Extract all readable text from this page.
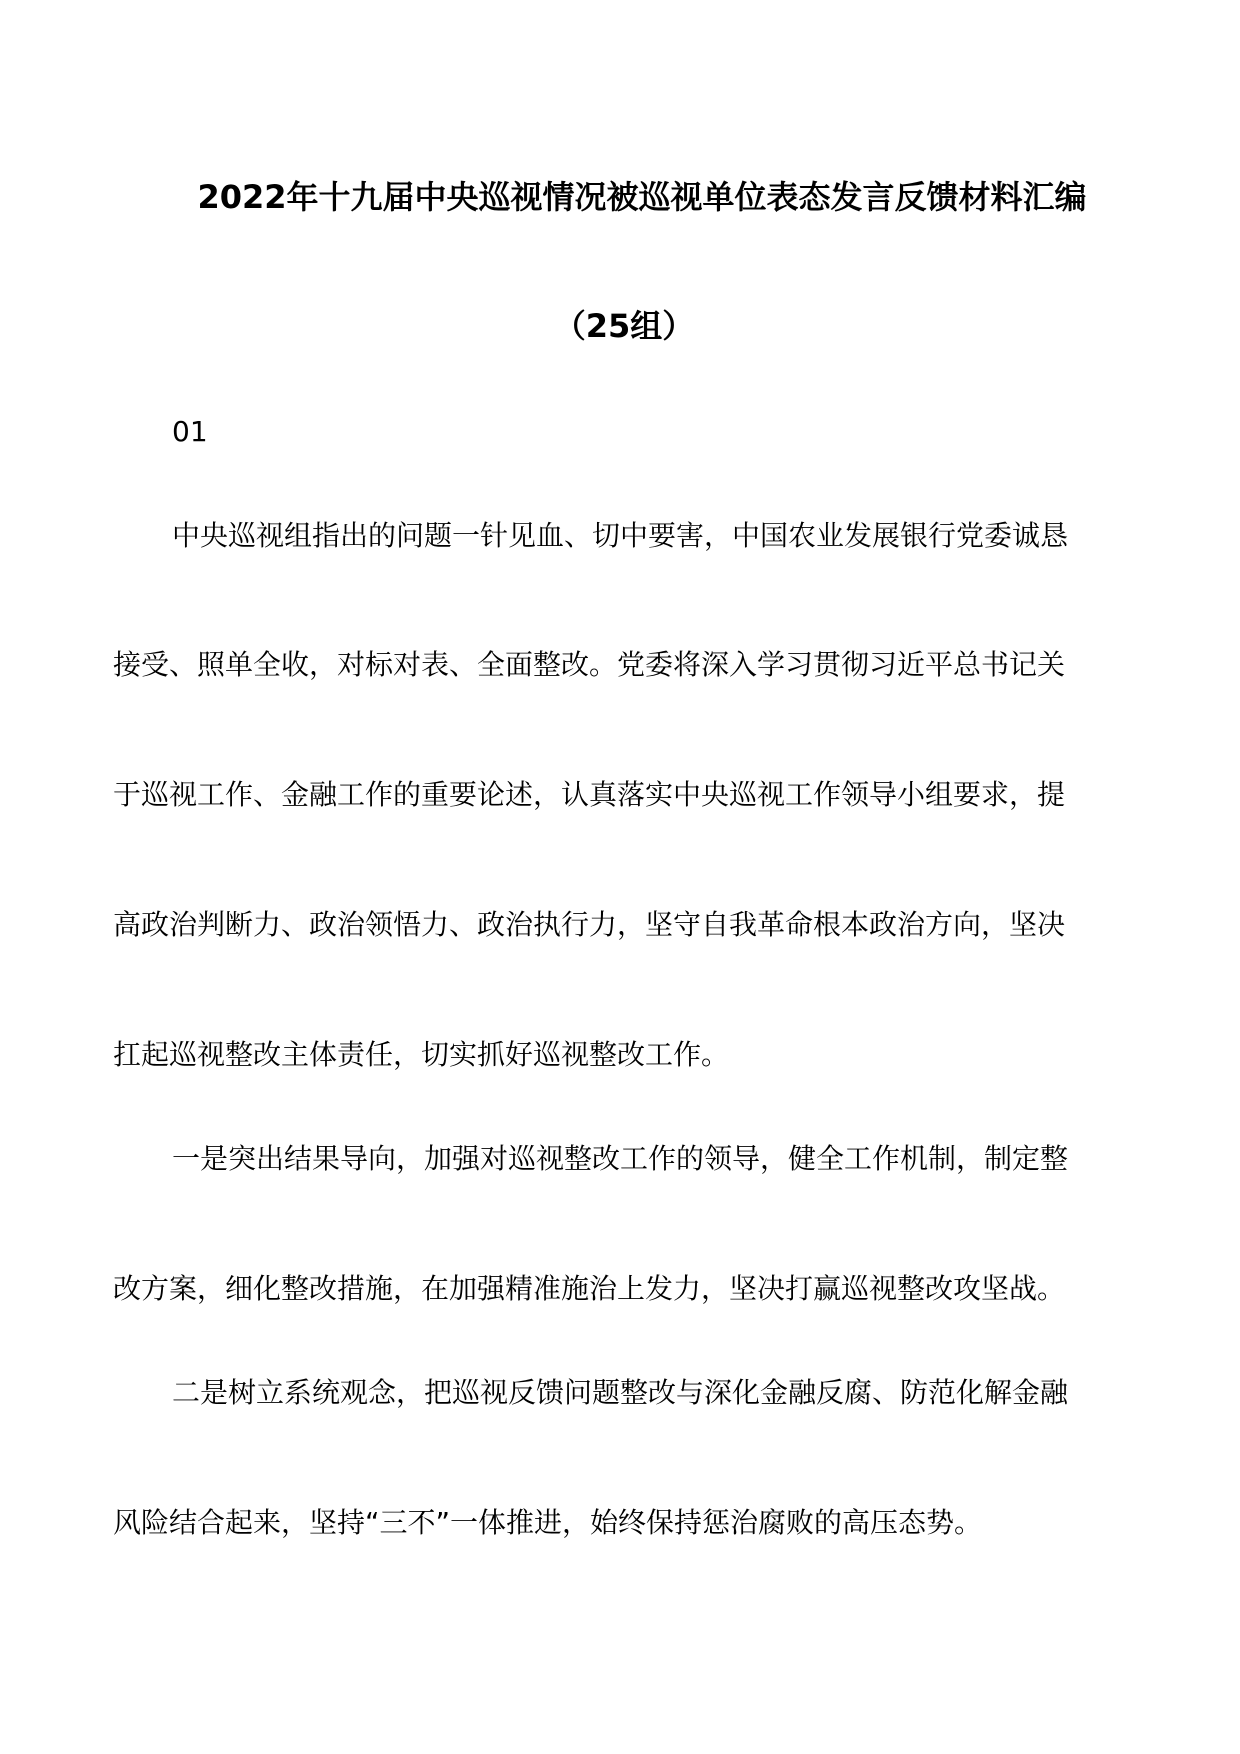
2022年十九届中央巡视情况被巡视单位表态发言反馈材料汇编
（25组）
01
中央巡视组指出的问题一针见血、切中要害，中国农业发展银行党委诚恳
接受、照单全收，对标对表、全面整改。党委将深入学习贯彻习近平总书记关
于巡视工作、金融工作的重要论述，认真落实中央巡视工作领导小组要求，提
高政治判断力、政治领悟力、政治执行力，坚守自我革命根本政治方向，坚决
扛起巡视整改主体责任，切实抓好巡视整改工作。
一是突出结果导向，加强对巡视整改工作的领导，健全工作机制，制定整
改方案，细化整改措施，在加强精准施治上发力，坚决打赢巡视整改攻坚战。
二是树立系统观念，把巡视反馈问题整改与深化金融反腐、防范化解金融
风险结合起来，坚持“三不”一体推进，始终保持惩治腐败的高压态势。
